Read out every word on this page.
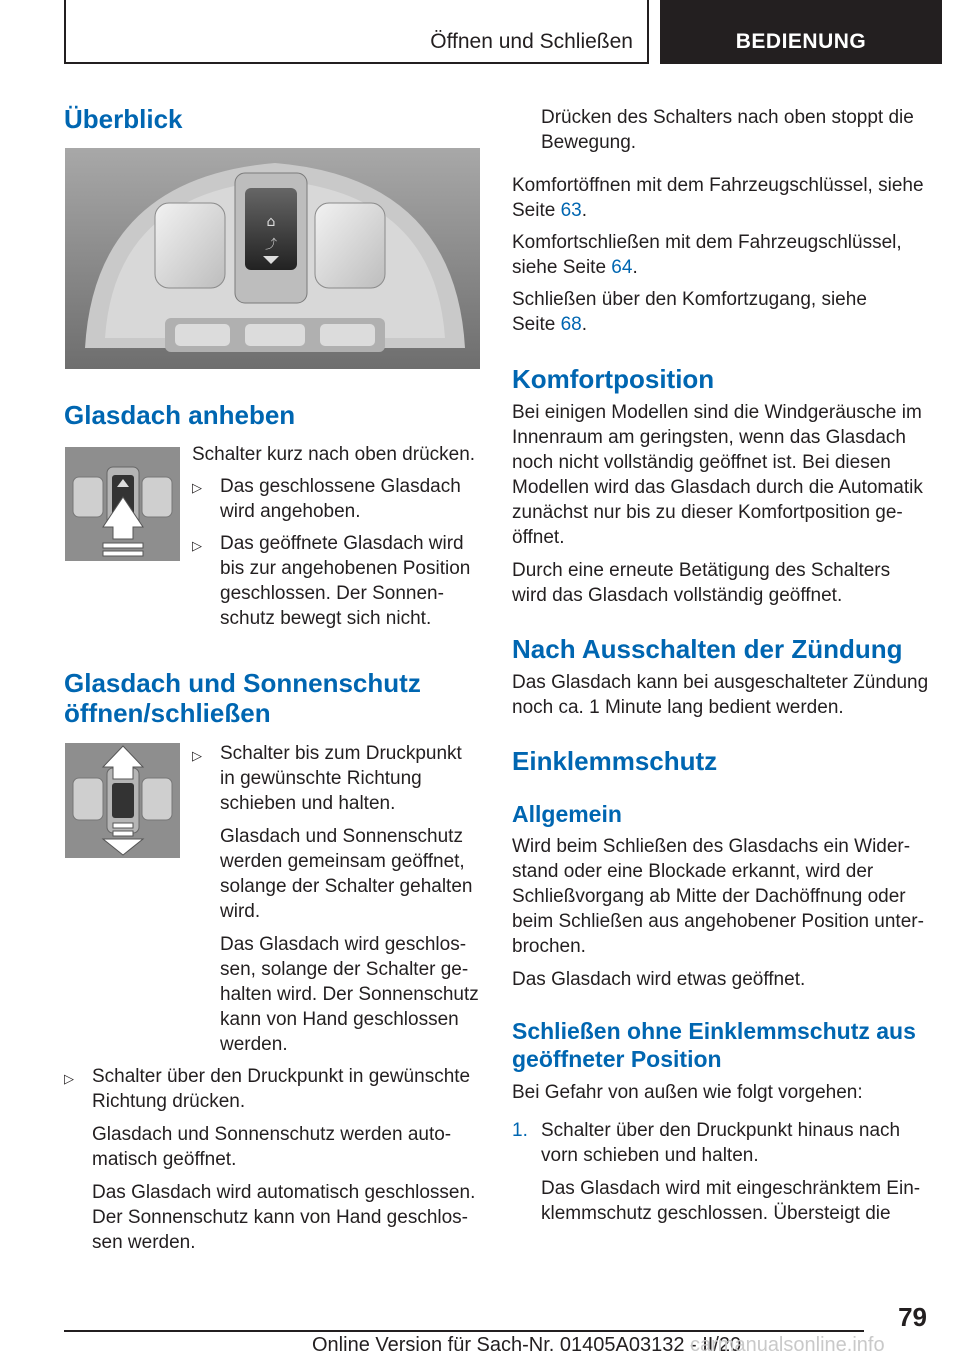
Öffnen und Schließen	BEDIENUNG
Überblick
⌂
⤴
Glasdach anheben
Schalter kurz nach oben drücken.
▷ Das geschlossene Glasdach
wird angehoben.
▷ Das geöffnete Glasdach wird
bis zur angehobenen Position
geschlossen. Der Sonnen-
schutz bewegt sich nicht.
Glasdach und Sonnenschutz
öffnen/schließen
▷ Schalter bis zum Druckpunkt
in gewünschte Richtung
schieben und halten.
Glasdach und Sonnenschutz
werden gemeinsam geöffnet,
solange der Schalter gehalten
wird.
Das Glasdach wird geschlos-
sen, solange der Schalter ge-
halten wird. Der Sonnenschutz
kann von Hand geschlossen
werden.
▷ Schalter über den Druckpunkt in gewünschte
Richtung drücken.
Glasdach und Sonnenschutz werden auto-
matisch geöffnet.
Das Glasdach wird automatisch geschlossen.
Der Sonnenschutz kann von Hand geschlos-
sen werden.
Drücken des Schalters nach oben stoppt die
Bewegung.
Komfortöffnen mit dem Fahrzeugschlüssel, siehe
Seite 63.
Komfortschließen mit dem Fahrzeugschlüssel,
siehe Seite 64.
Schließen über den Komfortzugang, siehe
Seite 68.
Komfortposition
Bei einigen Modellen sind die Windgeräusche im
Innenraum am geringsten, wenn das Glasdach
noch nicht vollständig geöffnet ist. Bei diesen
Modellen wird das Glasdach durch die Automatik
zunächst nur bis zu dieser Komfortposition ge-
öffnet.
Durch eine erneute Betätigung des Schalters
wird das Glasdach vollständig geöffnet.
Nach Ausschalten der Zündung
Das Glasdach kann bei ausgeschalteter Zündung
noch ca. 1 Minute lang bedient werden.
Einklemmschutz
Allgemein
Wird beim Schließen des Glasdachs ein Wider-
stand oder eine Blockade erkannt, wird der
Schließvorgang ab Mitte der Dachöffnung oder
beim Schließen aus angehobener Position unter-
brochen.
Das Glasdach wird etwas geöffnet.
Schließen ohne Einklemmschutz aus
geöffneter Position
Bei Gefahr von außen wie folgt vorgehen:
1. Schalter über den Druckpunkt hinaus nach
vorn schieben und halten.
Das Glasdach wird mit eingeschränktem Ein-
klemmschutz geschlossen. Übersteigt die
79
Online Version für Sach-Nr. 01405A03132 - II/20
carmanualsonline.info
